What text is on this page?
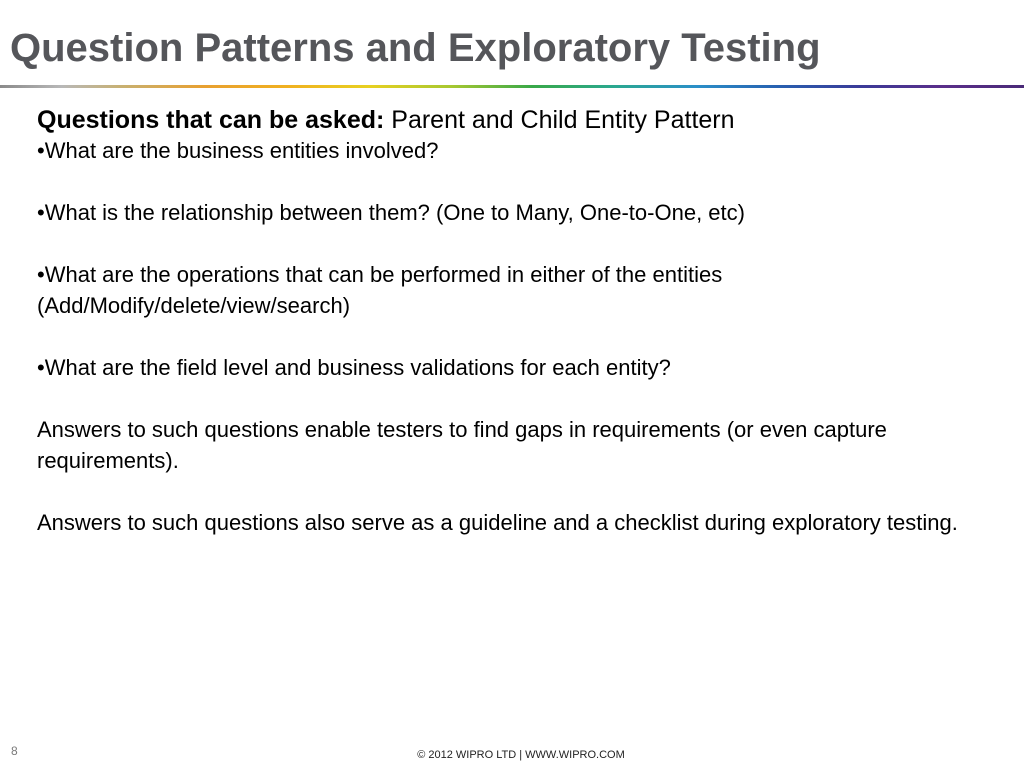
Question Patterns and Exploratory Testing

Questions that can be asked: Parent and Child Entity Pattern

•What are the business entities involved?

•What is the relationship between them? (One to Many, One-to-One, etc)

•What are the operations that can be performed in either of the entities (Add/Modify/delete/view/search)

•What are the field level and business validations for each entity?

Answers to such questions enable testers to find gaps in requirements (or even capture requirements).

Answers to such questions also serve as a guideline and a checklist during exploratory testing.

8	© 2012 WIPRO LTD | WWW.WIPRO.COM
